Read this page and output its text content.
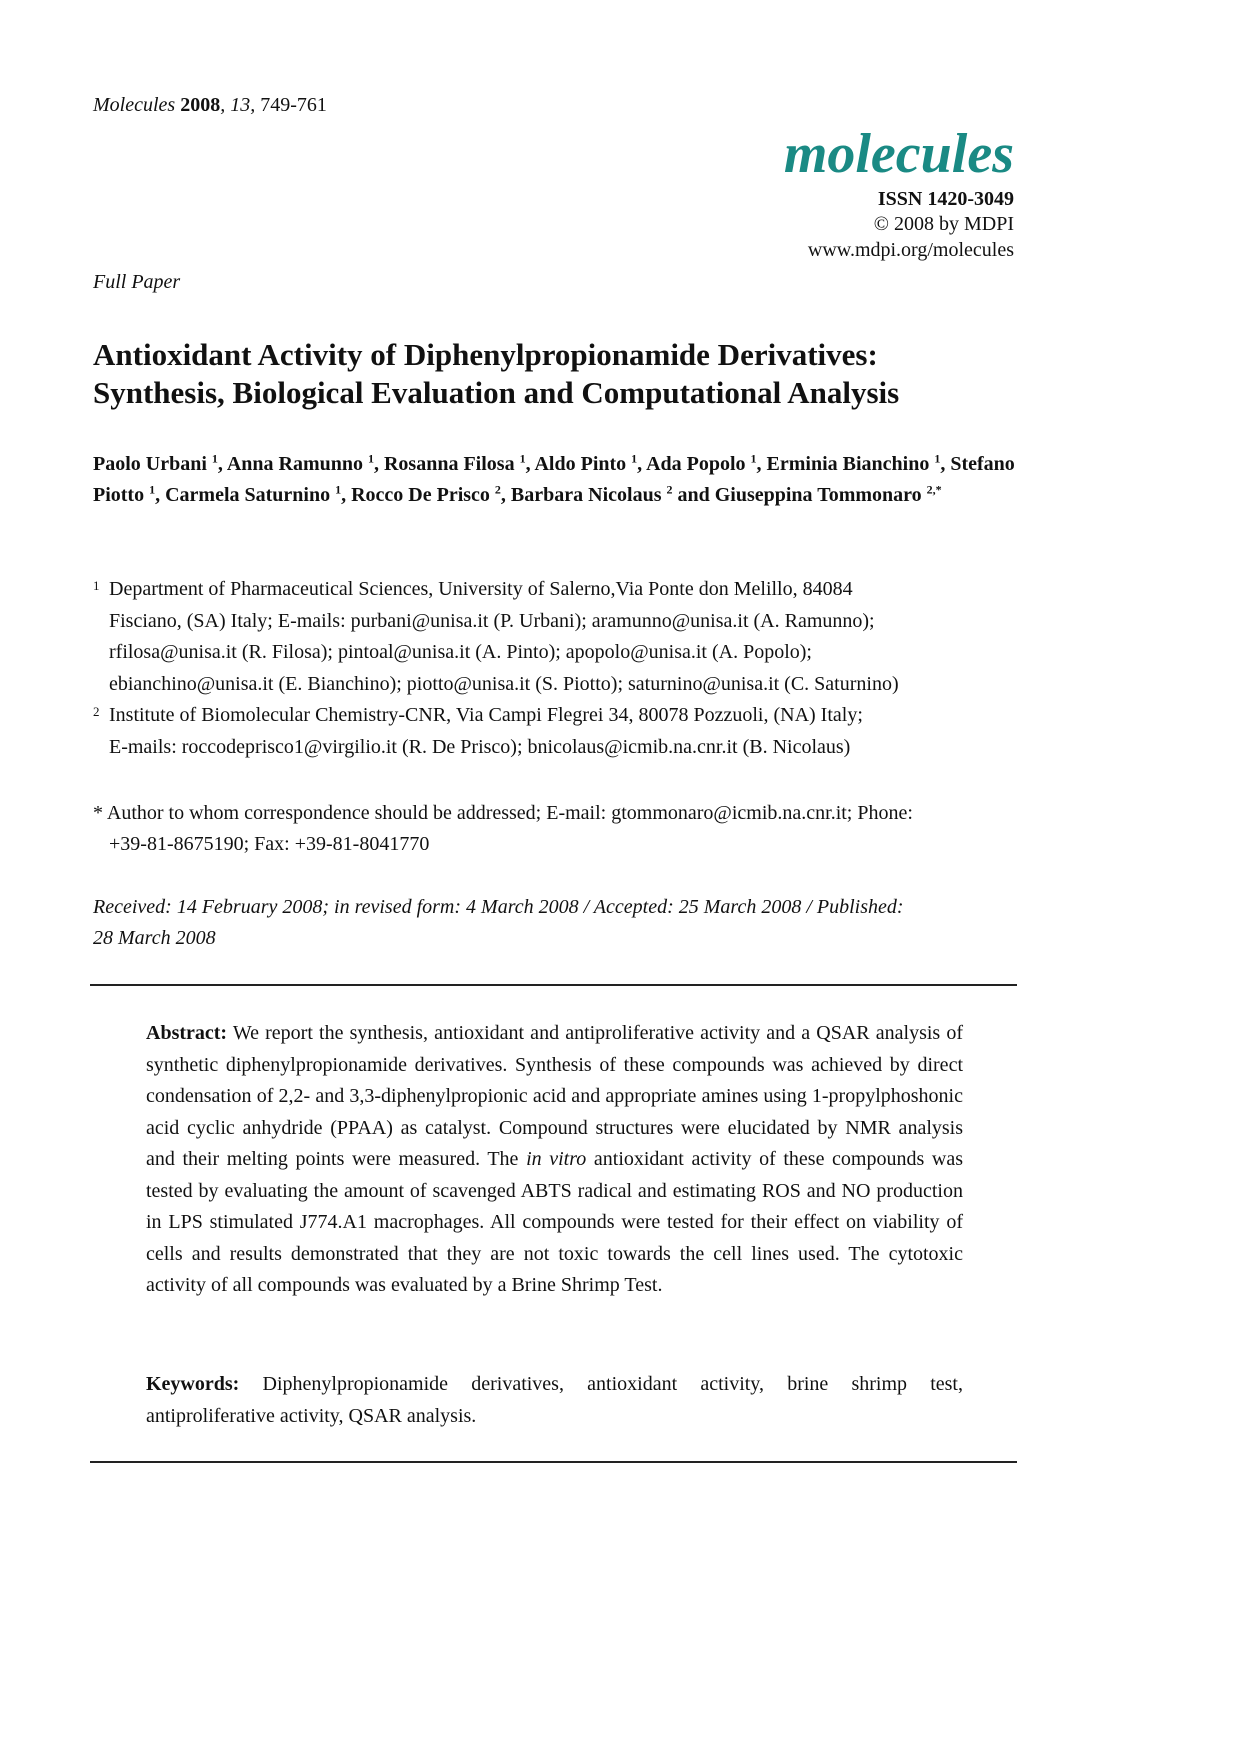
Molecules 2008, 13, 749-761
molecules
ISSN 1420-3049
© 2008 by MDPI
www.mdpi.org/molecules
Full Paper
Antioxidant Activity of Diphenylpropionamide Derivatives:
Synthesis, Biological Evaluation and Computational Analysis
Paolo Urbani $^1$, Anna Ramunno $^1$, Rosanna Filosa $^1$, Aldo Pinto $^1$, Ada Popolo $^1$, Erminia Bianchino $^1$, Stefano Piotto $^1$, Carmela Saturnino $^1$, Rocco De Prisco $^2$, Barbara Nicolaus $^2$ and Giuseppina Tommonaro $^{2,*}$
1 Department of Pharmaceutical Sciences, University of Salerno,Via Ponte don Melillo, 84084
Fisciano, (SA) Italy; E-mails: purbani@unisa.it (P. Urbani); aramunno@unisa.it (A. Ramunno);
rfilosa@unisa.it (R. Filosa); pintoal@unisa.it (A. Pinto); apopolo@unisa.it (A. Popolo);
ebianchino@unisa.it (E. Bianchino); piotto@unisa.it (S. Piotto); saturnino@unisa.it (C. Saturnino)
2 Institute of Biomolecular Chemistry-CNR, Via Campi Flegrei 34, 80078 Pozzuoli, (NA) Italy;
E-mails: roccodeprisco1@virgilio.it (R. De Prisco); bnicolaus@icmib.na.cnr.it (B. Nicolaus)
* Author to whom correspondence should be addressed; E-mail: gtommonaro@icmib.na.cnr.it; Phone:
+39-81-8675190; Fax: +39-81-8041770
Received: 14 February 2008; in revised form: 4 March 2008 / Accepted: 25 March 2008 / Published:
28 March 2008
Abstract: We report the synthesis, antioxidant and antiproliferative activity and a QSAR analysis of synthetic diphenylpropionamide derivatives. Synthesis of these compounds was achieved by direct condensation of 2,2- and 3,3-diphenylpropionic acid and appropriate amines using 1-propylphoshonic acid cyclic anhydride (PPAA) as catalyst. Compound structures were elucidated by NMR analysis and their melting points were measured. The in vitro antioxidant activity of these compounds was tested by evaluating the amount of scavenged ABTS radical and estimating ROS and NO production in LPS stimulated J774.A1 macrophages. All compounds were tested for their effect on viability of cells and results demonstrated that they are not toxic towards the cell lines used. The cytotoxic activity of all compounds was evaluated by a Brine Shrimp Test.
Keywords: Diphenylpropionamide derivatives, antioxidant activity, brine shrimp test, antiproliferative activity, QSAR analysis.
